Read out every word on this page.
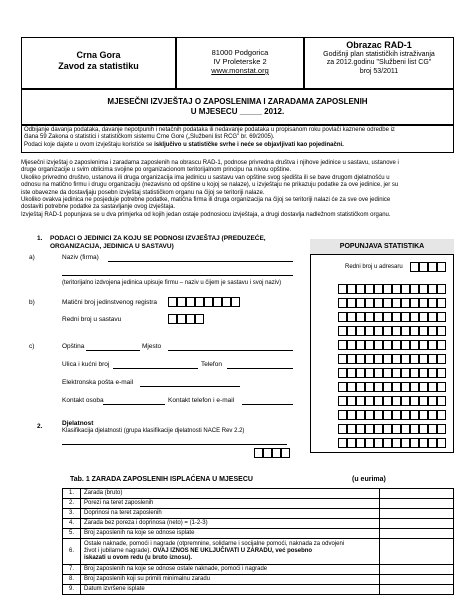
Crna Gora
Zavod za statistiku
81000 Podgorica
IV Proleterske 2
www.monstat.org
Obrazac RAD-1
Godišnji plan statističkih istraživanja
za 2012.godinu "Službeni list CG"
broj 53/2011
MJESEČNI IZVJEŠTAJ O ZAPOSLENIMA I ZARADAMA ZAPOSLENIH
U MJESECU _____ 2012.
Odbijanje davanja podataka, davanje nepotpunih i netačnih podataka ili nedavanje podataka u propisanom roku povlači kaznene odredbe iz
člana 59 Zakona o statistici i statističkom sistemu Crne Gore („Službeni list RCG" br. 69/2005).
Podaci koje dajete u ovom izvještaju koristiće se isključivo u statističke svrhe i neće se objavljivati kao pojedinačni.
Mjesečni izvještaj o zaposlenima i zaradama zaposlenih na obrascu RAD-1, podnose privredna društva i njihove jedinice u sastavu, ustanove i
druge organizacije u svim oblicima svojine po organizacionom teritorijalnom principu na nivou opštine.
Ukoliko privredno društvo, ustanova ili druga organizacija ima jedinicu u sastavu van opštine svog sjedišta ili se bave drugom djelatnošću u
odnosu na matično firmu i drugu organizaciju (nezavisno od opštine u kojoj se nalaze), u izvještaju ne prikazuju podatke za ove jedinice, jer su
iste obavezne da dostavljaju posebn izvještaj statističkom organu na čijoj se teritoriji nalaze.
Ukoliko ovakva jedinica ne posjeduje potrebne podatke, matična firma ili druga organizacija na čijoj se teritoriji nalazi će za sve ove jedinice
dostaviti potrebne podatke za sastavljanje ovog izvještaja.
Izvještaj RAD-1 popunjava se u dva primjerka od kojih jedan ostaje podnosiocu izvještaja, a drugi dostavlja nadležnom statističkom organu.
1. PODACI O JEDINICI ZA KOJU SE PODNOSI IZVJEŠTAJ (PREDUZEĆE,
ORGANIZACIJA, JEDINICA U SASTAVU)
a)	Naziv (firma)
(teritorijalno izdvojena jedinica upisuje firmu – naziv u čijem je sastavu i svoj naziv)
b)	Matični broj jedinstvenog registra
Redni broj u sastavu
c)	Opština	Mjesto
Ulica i kućni broj	Telefon
Elektronska pošta e-mail
Kontakt osoba	Kontakt telefon i e-mail
POPUNJAVA STATISTIKA
Redni broj u adresaru
2.	Djelatnost
Klasifikacija djelatnosti (grupa klasifikacije djelatnosti NACE Rev 2.2)
Tab. 1 ZARADA ZAPOSLENIH ISPLAĆENA U MJESECU	(u eurima)
1.	Zarada (bruto)	
2.	Porezi na teret zaposlenih	
3.	Doprinosi na teret zaposlenih	
4.	Zarada bez poreza i doprinosa (neto) = (1-2-3)	
5.	Broj zaposlenih na koje se odnose isplate	
6.	Ostale naknade, pomoći i nagrade (otpremnine, solidarne i socijalne pomoći, naknada za odvojeni
život i jubilarne nagrade). OVAJ IZNOS NE UKLJUČIVATI U ZARADU, već posebno
iskazati u ovom redu (u bruto iznosu).	

7.	Broj zaposlenih na koje se odnose ostale naknade, pomoći i nagrade	
8.	Broj zaposlenih koji su primili minimalnu zaradu	
9.	Datum izvršene isplate	
